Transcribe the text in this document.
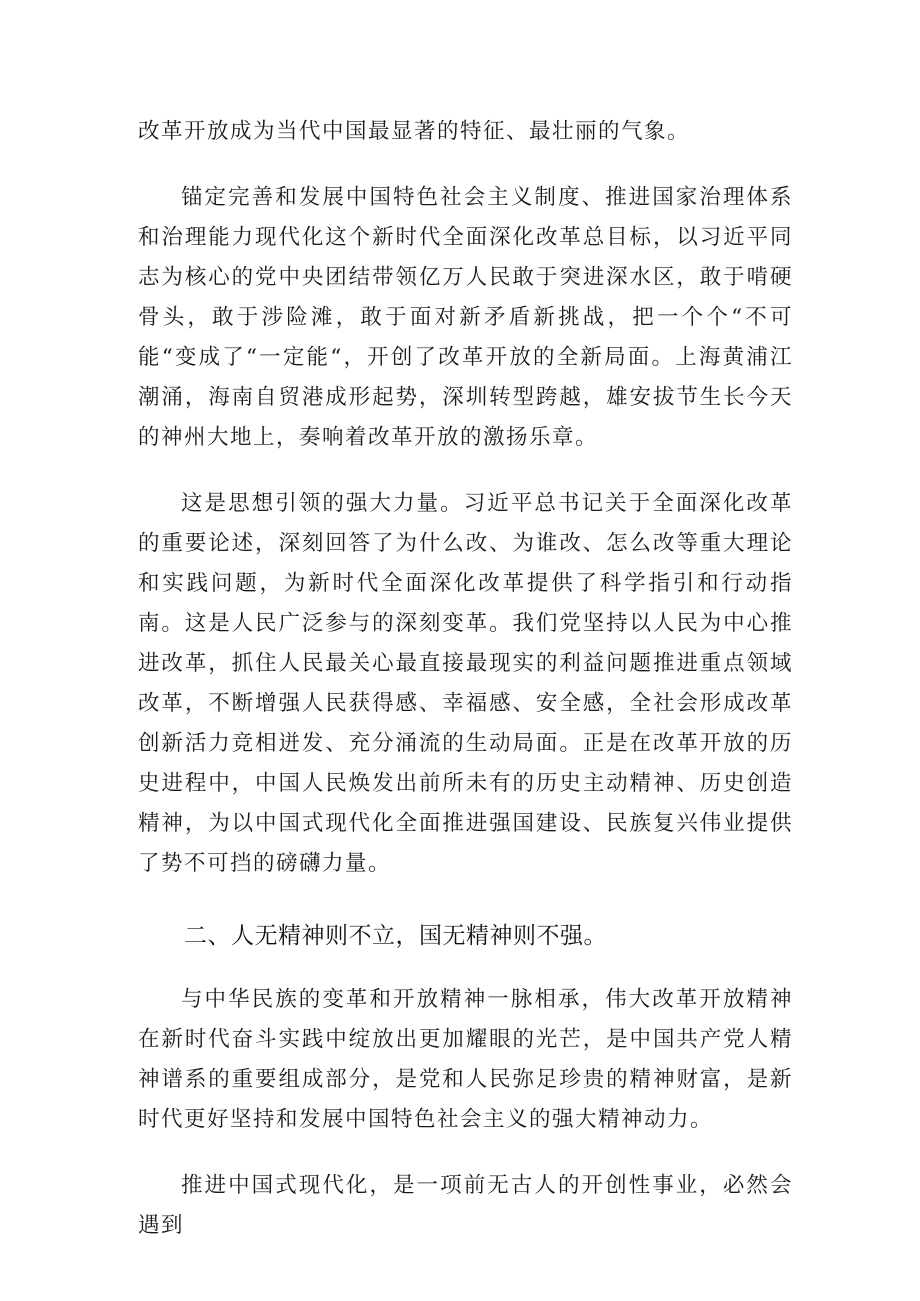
改革开放成为当代中国最显著的特征、最壮丽的气象。

锚定完善和发展中国特色社会主义制度、推进国家治理体系和治理能力现代化这个新时代全面深化改革总目标，以习近平同志为核心的党中央团结带领亿万人民敢于突进深水区，敢于啃硬骨头，敢于涉险滩，敢于面对新矛盾新挑战，把一个个“不可能“变成了“一定能“，开创了改革开放的全新局面。上海黄浦江潮涌，海南自贸港成形起势，深圳转型跨越，雄安拔节生长今天的神州大地上，奏响着改革开放的激扬乐章。

这是思想引领的强大力量。习近平总书记关于全面深化改革的重要论述，深刻回答了为什么改、为谁改、怎么改等重大理论和实践问题，为新时代全面深化改革提供了科学指引和行动指南。这是人民广泛参与的深刻变革。我们党坚持以人民为中心推进改革，抓住人民最关心最直接最现实的利益问题推进重点领域改革，不断增强人民获得感、幸福感、安全感，全社会形成改革创新活力竞相迸发、充分涌流的生动局面。正是在改革开放的历史进程中，中国人民焕发出前所未有的历史主动精神、历史创造精神，为以中国式现代化全面推进强国建设、民族复兴伟业提供了势不可挡的磅礴力量。

二、人无精神则不立，国无精神则不强。

与中华民族的变革和开放精神一脉相承，伟大改革开放精神在新时代奋斗实践中绽放出更加耀眼的光芒，是中国共产党人精神谱系的重要组成部分，是党和人民弥足珍贵的精神财富，是新时代更好坚持和发展中国特色社会主义的强大精神动力。

推进中国式现代化，是一项前无古人的开创性事业，必然会遇到
